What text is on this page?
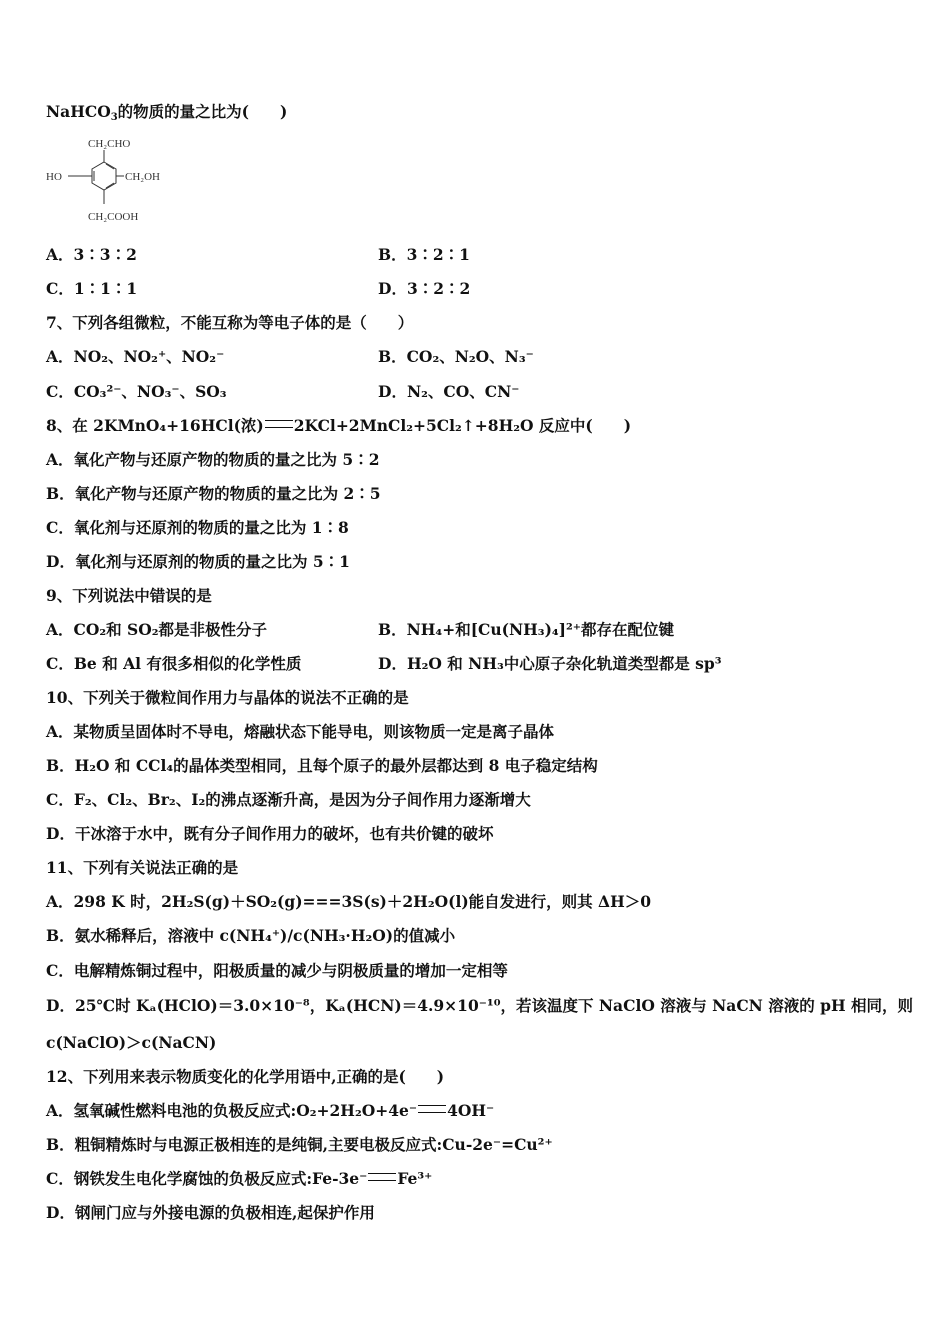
NaHCO$_3$的物质的量之比为(　　)
CH₂CHO
HO	CH₂OH
CH₂COOH
A．3∶3∶2	B．3∶2∶1
C．1∶1∶1	D．3∶2∶2
7、下列各组微粒，不能互称为等电子体的是（　　）
A．NO₂、NO₂⁺、NO₂⁻	B．CO₂、N₂O、N₃⁻
C．CO₃²⁻、NO₃⁻、SO₃	D．N₂、CO、CN⁻
8、在 2KMnO₄+16HCl(浓) 2KCl+2MnCl₂+5Cl₂↑+8H₂O 反应中(　　)
A．氧化产物与还原产物的物质的量之比为 5∶2
B．氧化产物与还原产物的物质的量之比为 2∶5
C．氧化剂与还原剂的物质的量之比为 1∶8
D．氧化剂与还原剂的物质的量之比为 5∶1
9、下列说法中错误的是
A．CO₂和 SO₂都是非极性分子	B．NH₄+和[Cu(NH₃)₄]²⁺都存在配位键
C．Be 和 Al 有很多相似的化学性质	D．H₂O 和 NH₃中心原子杂化轨道类型都是 sp³
10、下列关于微粒间作用力与晶体的说法不正确的是
A．某物质呈固体时不导电，熔融状态下能导电，则该物质一定是离子晶体
B．H₂O 和 CCl₄的晶体类型相同，且每个原子的最外层都达到 8 电子稳定结构
C．F₂、Cl₂、Br₂、I₂的沸点逐渐升高，是因为分子间作用力逐渐增大
D．干冰溶于水中，既有分子间作用力的破坏，也有共价键的破坏
11、下列有关说法正确的是
A．298 K 时，2H₂S(g)＋SO₂(g)===3S(s)＋2H₂O(l)能自发进行，则其 ΔH＞0
B．氨水稀释后，溶液中 c(NH₄⁺)/c(NH₃·H₂O)的值减小
C．电解精炼铜过程中，阳极质量的减少与阴极质量的增加一定相等
D．25℃时 Kₐ(HClO)＝3.0×10⁻⁸，Kₐ(HCN)＝4.9×10⁻¹⁰，若该温度下 NaClO 溶液与 NaCN 溶液的 pH 相同，则
c(NaClO)＞c(NaCN)
12、下列用来表示物质变化的化学用语中,正确的是(　　)
A．氢氧碱性燃料电池的负极反应式:O₂+2H₂O+4e⁻ 4OH⁻
B．粗铜精炼时与电源正极相连的是纯铜,主要电极反应式:Cu-2e⁻=Cu²⁺
C．钢铁发生电化学腐蚀的负极反应式:Fe-3e⁻ Fe³⁺
D．钢闸门应与外接电源的负极相连,起保护作用
